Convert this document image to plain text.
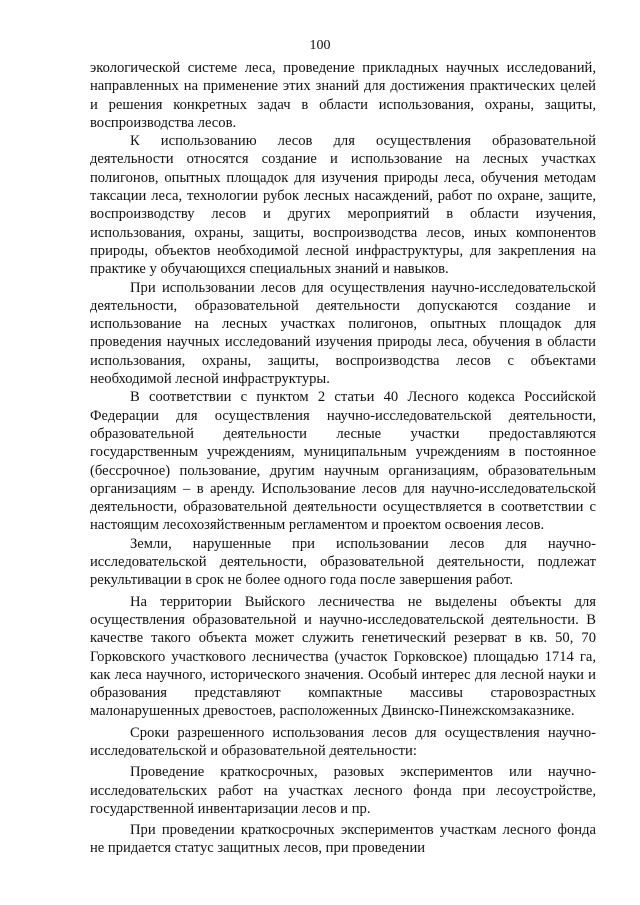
100

экологической системе леса, проведение прикладных научных исследований, направленных на применение этих знаний для достижения практических целей и решения конкретных задач в области использования, охраны, защиты, воспроизводства лесов.

К использованию лесов для осуществления образовательной деятельности относятся создание и использование на лесных участках полигонов, опытных площадок для изучения природы леса, обучения методам таксации леса, технологии рубок лесных насаждений, работ по охране, защите, воспроизводству лесов и других мероприятий в области изучения, использования, охраны, защиты, воспроизводства лесов, иных компонентов природы, объектов необходимой лесной инфраструктуры, для закрепления на практике у обучающихся специальных знаний и навыков.

При использовании лесов для осуществления научно-исследовательской деятельности, образовательной деятельности допускаются создание и использование на лесных участках полигонов, опытных площадок для проведения научных исследований изучения природы леса, обучения в области использования, охраны, защиты, воспроизводства лесов с объектами необходимой лесной инфраструктуры.

В соответствии с пунктом 2 статьи 40 Лесного кодекса Российской Федерации для осуществления научно-исследовательской деятельности, образовательной деятельности лесные участки предоставляются государственным учреждениям, муниципальным учреждениям в постоянное (бессрочное) пользование, другим научным организациям, образовательным организациям – в аренду. Использование лесов для научно-исследовательской деятельности, образовательной деятельности осуществляется в соответствии с настоящим лесохозяйственным регламентом и проектом освоения лесов.

Земли, нарушенные при использовании лесов для научно-исследовательской деятельности, образовательной деятельности, подлежат рекультивации в срок не более одного года после завершения работ.

На территории Выйского лесничества не выделены объекты для осуществления образовательной и научно-исследовательской деятельности. В качестве такого объекта может служить генетический резерват в кв. 50, 70 Горковского участкового лесничества (участок Горковское) площадью 1714 га, как леса научного, исторического значения. Особый интерес для лесной науки и образования представляют компактные массивы старовозрастных малонарушенных древостоев, расположенных Двинско-Пинежскомзаказнике.

Сроки разрешенного использования лесов для осуществления научно-исследовательской и образовательной деятельности:

Проведение краткосрочных, разовых экспериментов или научно-исследовательских работ на участках лесного фонда при лесоустройстве, государственной инвентаризации лесов и пр.

При проведении краткосрочных экспериментов участкам лесного фонда не придается статус защитных лесов, при проведении
